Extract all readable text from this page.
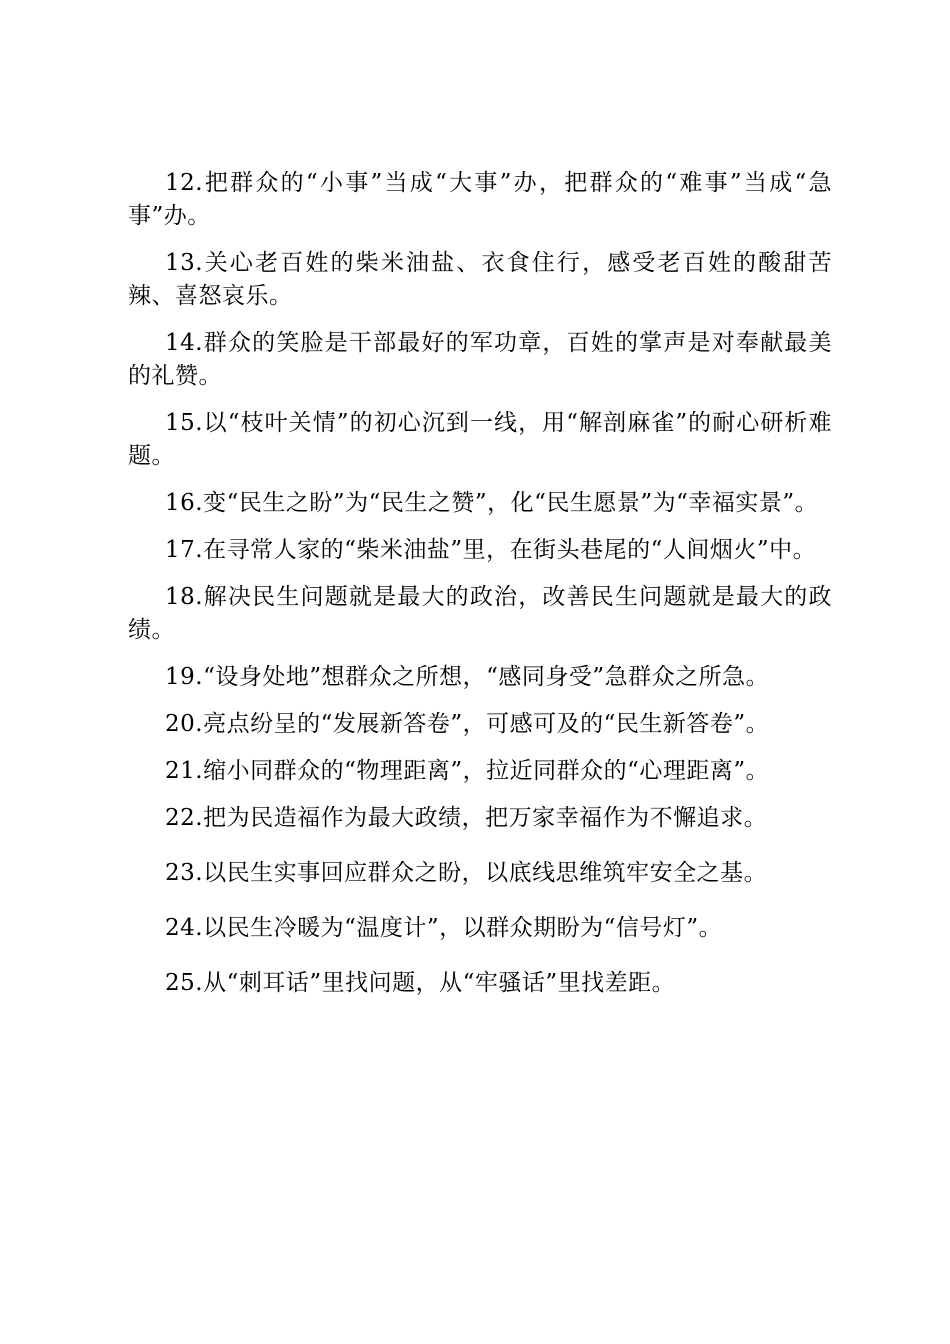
12.把群众的“小事”当成“大事”办，把群众的“难事”当成“急事”办。

13.关心老百姓的柴米油盐、衣食住行，感受老百姓的酸甜苦辣、喜怒哀乐。

14.群众的笑脸是干部最好的军功章，百姓的掌声是对奉献最美的礼赞。

15.以“枝叶关情”的初心沉到一线，用“解剖麻雀”的耐心研析难题。

16.变“民生之盼”为“民生之赞”，化“民生愿景”为“幸福实景”。

17.在寻常人家的“柴米油盐”里，在街头巷尾的“人间烟火”中。

18.解决民生问题就是最大的政治，改善民生问题就是最大的政绩。

19.“设身处地”想群众之所想，“感同身受”急群众之所急。

20.亮点纷呈的“发展新答卷”，可感可及的“民生新答卷”。

21.缩小同群众的“物理距离”，拉近同群众的“心理距离”。

22.把为民造福作为最大政绩，把万家幸福作为不懈追求。

23.以民生实事回应群众之盼，以底线思维筑牢安全之基。

24.以民生冷暖为“温度计”，以群众期盼为“信号灯”。

25.从“刺耳话”里找问题，从“牢骚话”里找差距。
